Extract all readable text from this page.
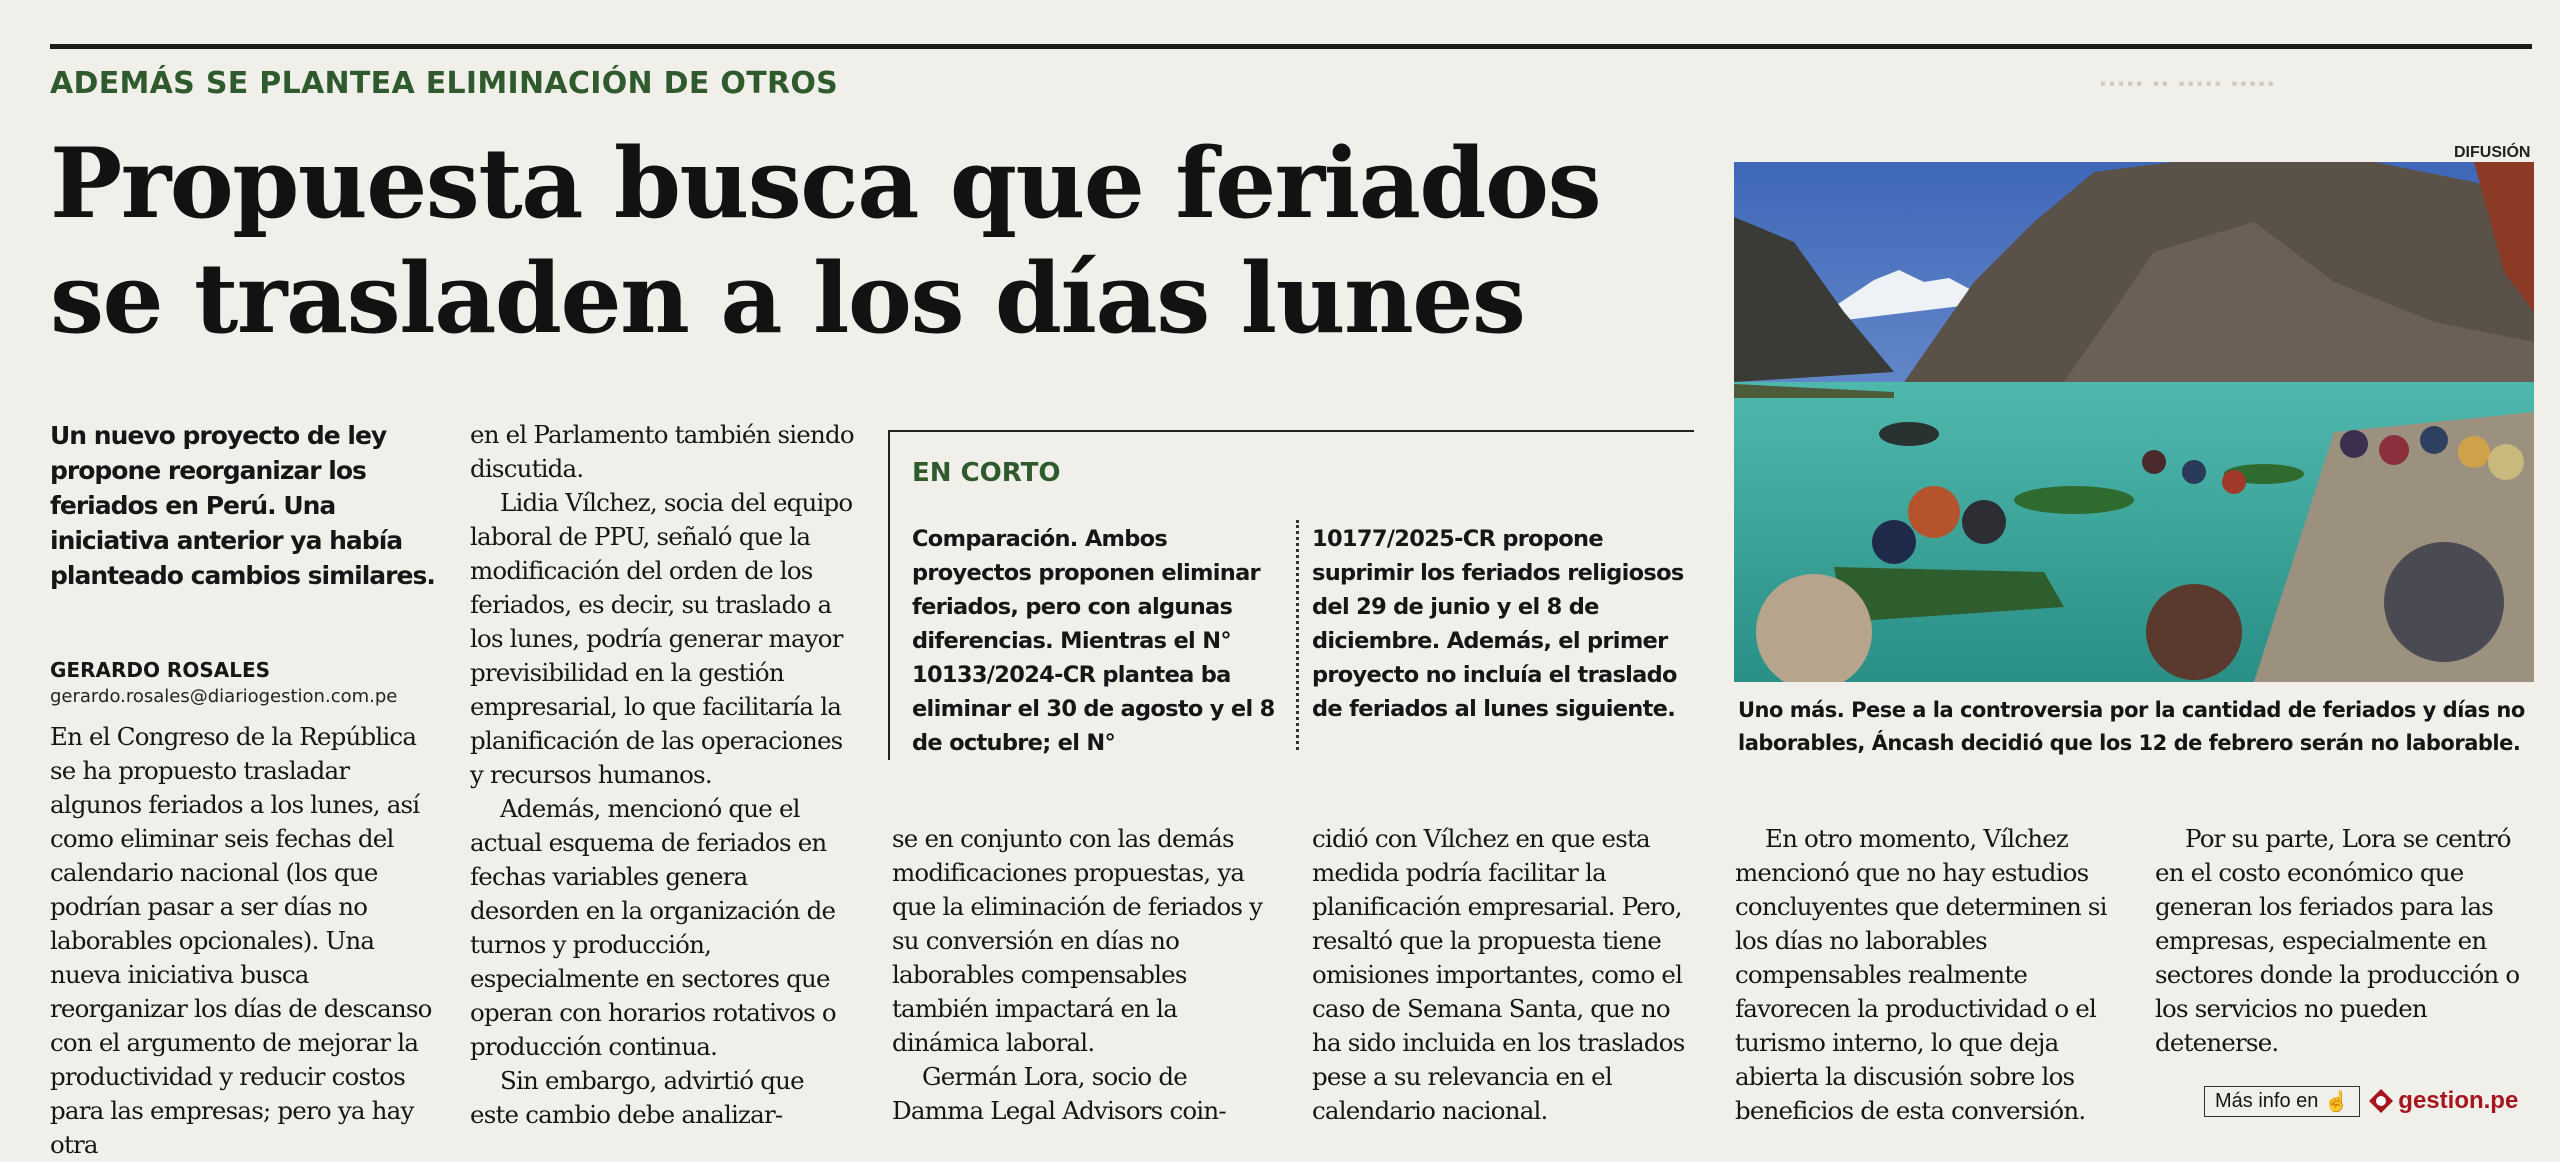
▪▪▪▪▪ ▪▪ ▪▪▪▪▪ ▪▪▪▪▪
ADEMÁS SE PLANTEA ELIMINACIÓN DE OTROS
Propuesta busca que feriados se trasladen a los días lunes
DIFUSIÓN
Uno más. Pese a la controversia por la cantidad de feriados y días no laborables, Áncash decidió que los 12 de febrero serán no laborable.
Un nuevo proyecto de ley propone reorganizar los feriados en Perú. Una iniciativa anterior ya había planteado cambios similares.
GERARDO ROSALES
gerardo.rosales@diariogestion.com.pe

En el Congreso de la República se ha propuesto trasladar algunos feriados a los lunes, así como eliminar seis fechas del calendario nacional (los que podrían pasar a ser días no laborables opcionales). Una nueva iniciativa busca reorganizar los días de descanso con el argumento de mejorar la productividad y reducir costos para las empresas; pero ya hay otra

en el Parlamento también siendo discutida.

Lidia Vílchez, socia del equipo laboral de PPU, señaló que la modificación del orden de los feriados, es decir, su traslado a los lunes, podría generar mayor previsibilidad en la gestión empresarial, lo que facilitaría la planificación de las operaciones y recursos humanos.

Además, mencionó que el actual esquema de feriados en fechas variables genera desorden en la organización de turnos y producción, especialmente en sectores que operan con horarios rotativos o producción continua.

Sin embargo, advirtió que este cambio debe analizar-

EN CORTO
Comparación. Ambos proyectos proponen eliminar feriados, pero con algunas diferencias. Mientras el N° 10133/2024-CR plantea ba eliminar el 30 de agosto y el 8 de octubre; el N°
10177/2025-CR propone suprimir los feriados religiosos del 29 de junio y el 8 de diciembre. Además, el primer proyecto no incluía el traslado de feriados al lunes siguiente.

se en conjunto con las demás modificaciones propuestas, ya que la eliminación de feriados y su conversión en días no laborables compensables también impactará en la dinámica laboral.

Germán Lora, socio de Damma Legal Advisors coin-

cidió con Vílchez en que esta medida podría facilitar la planificación empresarial. Pero, resaltó que la propuesta tiene omisiones importantes, como el caso de Semana Santa, que no ha sido incluida en los traslados pese a su relevancia en el calendario nacional.

En otro momento, Vílchez mencionó que no hay estudios concluyentes que determinen si los días no laborables compensables realmente favorecen la productividad o el turismo interno, lo que deja abierta la discusión sobre los beneficios de esta conversión.

Por su parte, Lora se centró en el costo económico que generan los feriados para las empresas, especialmente en sectores donde la producción o los servicios no pueden detenerse.

Más info en ☝ gestion.pe
